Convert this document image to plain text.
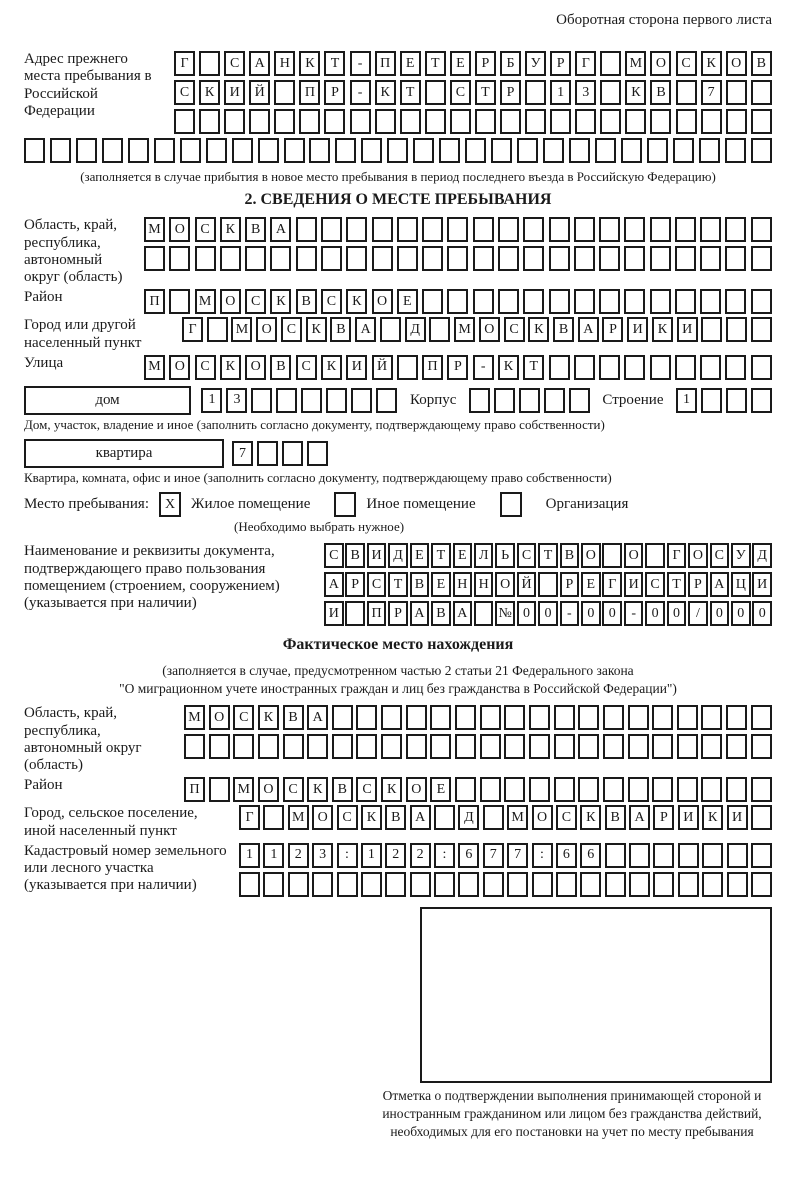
Оборотная сторона первого листа
Адрес прежнего места пребывания в Российской Федерации
Г	С	А	Н	К	Т	-	П	Е	Т	Е	Р	Б	У	Р	Г	М О	С	К	О	В
С	К	И	Й	П	Р	-	К	Т	С	Т	Р	1	3	К	В	7
(заполняется в случае прибытия в новое место пребывания в период последнего въезда в Российскую Федерацию)
2. СВЕДЕНИЯ О МЕСТЕ ПРЕБЫВАНИЯ
Область, край, республика, автономный округ (область)
М	О	С	К	В	А
Район	П	М	О	С	К	В	С	К	О	Е
Город или другой населенный пункт
Г	М О	С	К	В	А	Д	М О	С	К	В	А	Р	И	К	И
Улица	М	О	С	К	О	В	С	К	И	Й	П	Р	-	К	Т
дом	1	3	Корпус	Строение	1
Дом, участок, владение и иное (заполнить согласно документу, подтверждающему право собственности)
квартира	7
Квартира, комната, офис и иное (заполнить согласно документу, подтверждающему право собственности)
Место пребывания:	X	Жилое помещение	Иное помещение	Организация
(Необходимо выбрать нужное)
Наименование и реквизиты документа, подтверждающего право пользования помещением (строением, сооружением) (указывается при наличии)
С В И Д Е Т Е Л Ь С Т В О	О	Г О С У Д
А Р С Т В Е Н Н О Й	Р Е Г И С Т Р А Ц И
И	П Р А В А	№ 0	0	-	0	0	-	0	0	/	0	0	0
Фактическое место нахождения
(заполняется в случае, предусмотренном частью 2 статьи 21 Федерального закона
"О миграционном учете иностранных граждан и лиц без гражданства в Российской Федерации")
Область, край, республика, автономный округ (область)
М О	С	К	В	А
Район	П	М О	С	К	В	С	К	О	Е
Город, сельское поселение, иной населенный пункт
Г	М О	С	К	В	А	Д	М О	С	К	В	А	Р	И	К	И
Кадастровый номер земельного или лесного участка (указывается при наличии)
1	1	2	3	:	1	2	2	:	6	7	7	:	6	6
Отметка о подтверждении выполнения принимающей стороной и иностранным гражданином или лицом без гражданства действий, необходимых для его постановки на учет по месту пребывания
